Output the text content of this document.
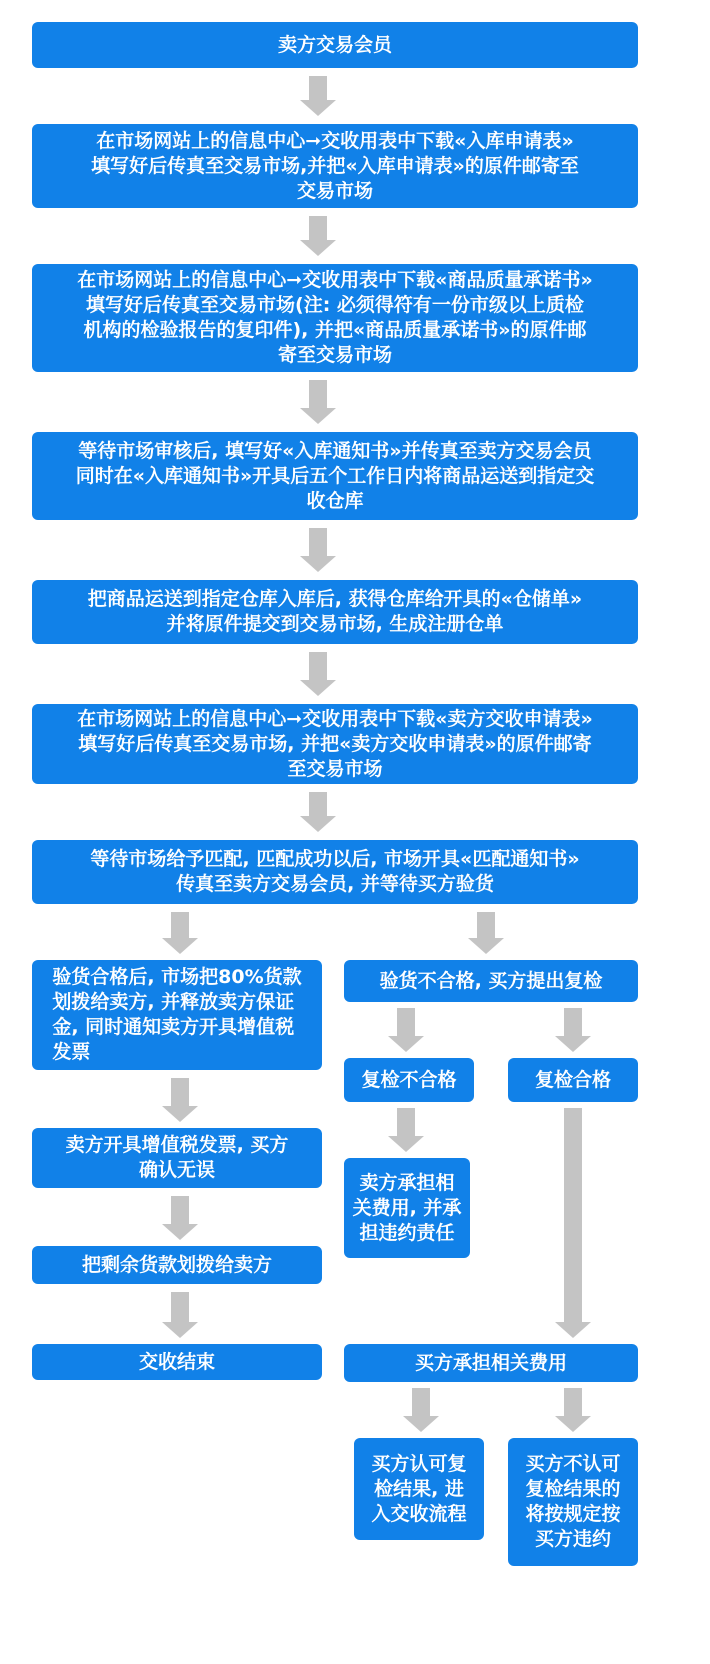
卖方交易会员
在市场网站上的信息中心➞交收用表中下载«入库申请表»
填写好后传真至交易市场,并把«入库申请表»的原件邮寄至
交易市场
在市场网站上的信息中心➞交收用表中下载«商品质量承诺书»
填写好后传真至交易市场(注: 必须得符有一份市级以上质检
机构的检验报告的复印件), 并把«商品质量承诺书»的原件邮
寄至交易市场
等待市场审核后, 填写好«入库通知书»并传真至卖方交易会员
同时在«入库通知书»开具后五个工作日内将商品运送到指定交
收仓库
把商品运送到指定仓库入库后, 获得仓库给开具的«仓储单»
并将原件提交到交易市场, 生成注册仓单
在市场网站上的信息中心➞交收用表中下载«卖方交收申请表»
填写好后传真至交易市场, 并把«卖方交收申请表»的原件邮寄
至交易市场
等待市场给予匹配, 匹配成功以后, 市场开具«匹配通知书»
传真至卖方交易会员, 并等待买方验货
验货合格后, 市场把80%货款
划拨给卖方, 并释放卖方保证
金, 同时通知卖方开具增值税
发票
卖方开具增值税发票, 买方
确认无误
把剩余货款划拨给卖方
交收结束
验货不合格, 买方提出复检
复检不合格	复检合格
卖方承担相
关费用, 并承
担违约责任
买方承担相关费用
买方认可复
检结果, 进
入交收流程
买方不认可
复检结果的
将按规定按
买方违约
